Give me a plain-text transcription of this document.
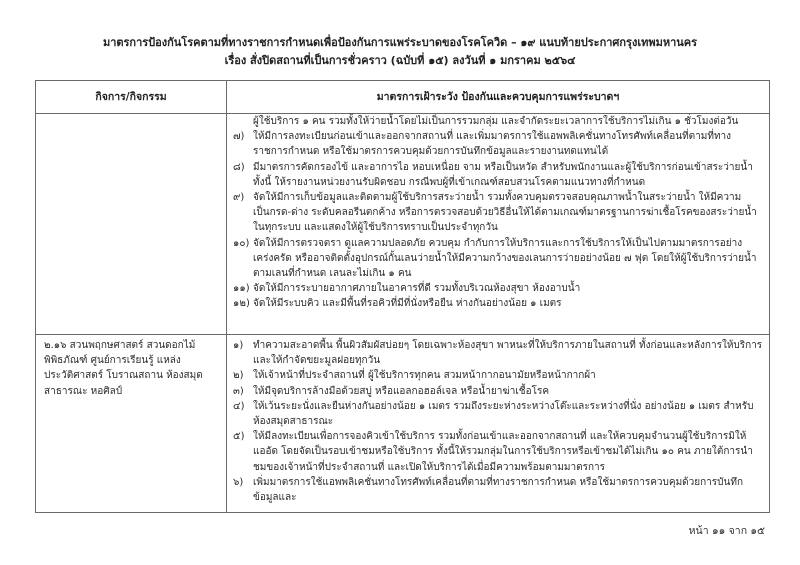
มาตรการป้องกันโรคตามที่ทางราชการกำหนดเพื่อป้องกันการแพร่ระบาดของโรคโควิด – ๑๙ แนบท้ายประกาศกรุงเทพมหานคร
เรื่อง สั่งปิดสถานที่เป็นการชั่วคราว (ฉบับที่ ๑๕) ลงวันที่ ๑ มกราคม ๒๕๖๔
กิจการ/กิจกรรม	มาตรการเฝ้าระวัง ป้องกันและควบคุมการแพร่ระบาดฯ
ผู้ใช้บริการ ๑ คน รวมทั้งให้ว่ายน้ำโดยไม่เป็นการรวมกลุ่ม และจำกัดระยะเวลาการใช้บริการไม่เกิน ๑ ชั่วโมงต่อวัน
๗) ให้มีการลงทะเบียนก่อนเข้าและออกจากสถานที่ และเพิ่มมาตรการใช้แอพพลิเคชั่นทางโทรศัพท์เคลื่อนที่ตามที่ทางราชการกำหนด หรือใช้มาตรการควบคุมด้วยการบันทึกข้อมูลและรายงานทดแทนได้
๘) มีมาตรการคัดกรองไข้ และอาการไอ หอบเหนื่อย จาม หรือเป็นหวัด สำหรับพนักงานและผู้ใช้บริการก่อนเข้าสระว่ายน้ำ ทั้งนี้ ให้รายงานหน่วยงานรับผิดชอบ กรณีพบผู้ที่เข้าเกณฑ์สอบสวนโรคตามแนวทางที่กำหนด
๙) จัดให้มีการเก็บข้อมูลและติดตามผู้ใช้บริการสระว่ายน้ำ รวมทั้งควบคุมตรวจสอบคุณภาพน้ำในสระว่ายน้ำ ให้มีความเป็นกรด-ด่าง ระดับคลอรีนตกค้าง หรือการตรวจสอบด้วยวิธีอื่นให้ได้ตามเกณฑ์มาตรฐานการฆ่าเชื้อโรคของสระว่ายน้ำในทุกระบบ และแสดงให้ผู้ใช้บริการทราบเป็นประจำทุกวัน
๑๐) จัดให้มีการตรวจตรา ดูแลความปลอดภัย ควบคุม กำกับการให้บริการและการใช้บริการให้เป็นไปตามมาตรการอย่างเคร่งครัด หรืออาจติดตั้งอุปกรณ์กั้นเลนว่ายน้ำให้มีความกว้างของเลนการว่ายอย่างน้อย ๗ ฟุต โดยให้ผู้ใช้บริการว่ายน้ำตามเลนที่กำหนด เลนละไม่เกิน ๑ คน
๑๑) จัดให้มีการระบายอากาศภายในอาคารที่ดี รวมทั้งบริเวณห้องสุขา ห้องอาบน้ำ
๑๒) จัดให้มีระบบคิว และมีพื้นที่รอคิวที่มีที่นั่งหรือยืน ห่างกันอย่างน้อย ๑ เมตร
๒.๑๖ สวนพฤกษศาสตร์ สวนดอกไม้ พิพิธภัณฑ์ ศูนย์การเรียนรู้ แหล่งประวัติศาสตร์ โบราณสถาน ห้องสมุดสาธารณะ หอศิลป์
๑) ทำความสะอาดพื้น พื้นผิวสัมผัสบ่อยๆ โดยเฉพาะห้องสุขา พาหนะที่ให้บริการภายในสถานที่ ทั้งก่อนและหลังการให้บริการ และให้กำจัดขยะมูลฝอยทุกวัน
๒) ให้เจ้าหน้าที่ประจำสถานที่ ผู้ใช้บริการทุกคน สวมหน้ากากอนามัยหรือหน้ากากผ้า
๓) ให้มีจุดบริการล้างมือด้วยสบู่ หรือแอลกอฮอล์เจล หรือน้ำยาฆ่าเชื้อโรค
๔) ให้เว้นระยะนั่งและยืนห่างกันอย่างน้อย ๑ เมตร รวมถึงระยะห่างระหว่างโต๊ะและระหว่างที่นั่ง อย่างน้อย ๑ เมตร สำหรับห้องสมุดสาธารณะ
๕) ให้มีลงทะเบียนเพื่อการจองคิวเข้าใช้บริการ รวมทั้งก่อนเข้าและออกจากสถานที่ และให้ควบคุมจำนวนผู้ใช้บริการมิให้แออัด โดยจัดเป็นรอบเข้าชมหรือใช้บริการ ทั้งนี้ให้รวมกลุ่มในการใช้บริการหรือเข้าชมได้ไม่เกิน ๑๐ คน ภายใต้การนำชมของเจ้าหน้าที่ประจำสถานที่ และเปิดให้บริการได้เมื่อมีความพร้อมตามมาตรการ
๖) เพิ่มมาตรการใช้แอพพลิเคชั่นทางโทรศัพท์เคลื่อนที่ตามที่ทางราชการกำหนด หรือใช้มาตรการควบคุมด้วยการบันทึกข้อมูลและ
หน้า ๑๑ จาก ๑๕
